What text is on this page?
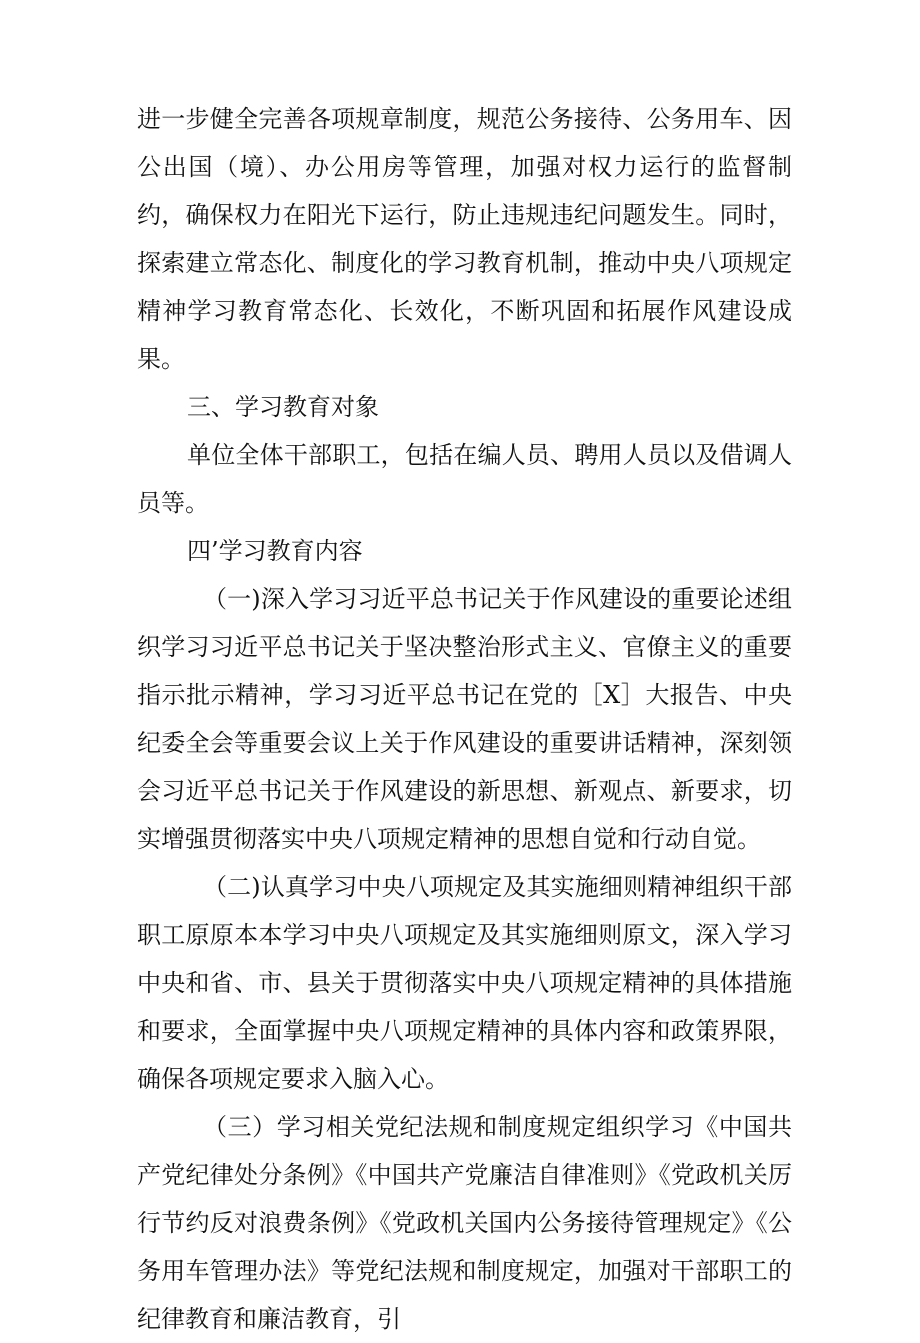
进一步健全完善各项规章制度，规范公务接待、公务用车、因公出国（境）、办公用房等管理，加强对权力运行的监督制约，确保权力在阳光下运行，防止违规违纪问题发生。同时，探索建立常态化、制度化的学习教育机制，推动中央八项规定精神学习教育常态化、长效化，不断巩固和拓展作风建设成果。

三、学习教育对象

单位全体干部职工，包括在编人员、聘用人员以及借调人员等。

四’学习教育内容

（一)深入学习习近平总书记关于作风建设的重要论述组织学习习近平总书记关于坚决整治形式主义、官僚主义的重要指示批示精神，学习习近平总书记在党的［X］大报告、中央纪委全会等重要会议上关于作风建设的重要讲话精神，深刻领会习近平总书记关于作风建设的新思想、新观点、新要求，切实增强贯彻落实中央八项规定精神的思想自觉和行动自觉。

（二)认真学习中央八项规定及其实施细则精神组织干部职工原原本本学习中央八项规定及其实施细则原文，深入学习中央和省、市、县关于贯彻落实中央八项规定精神的具体措施和要求，全面掌握中央八项规定精神的具体内容和政策界限，确保各项规定要求入脑入心。

（三）学习相关党纪法规和制度规定组织学习《中国共产党纪律处分条例》《中国共产党廉洁自律准则》《党政机关厉行节约反对浪费条例》《党政机关国内公务接待管理规定》《公务用车管理办法》等党纪法规和制度规定，加强对干部职工的纪律教育和廉洁教育，引
